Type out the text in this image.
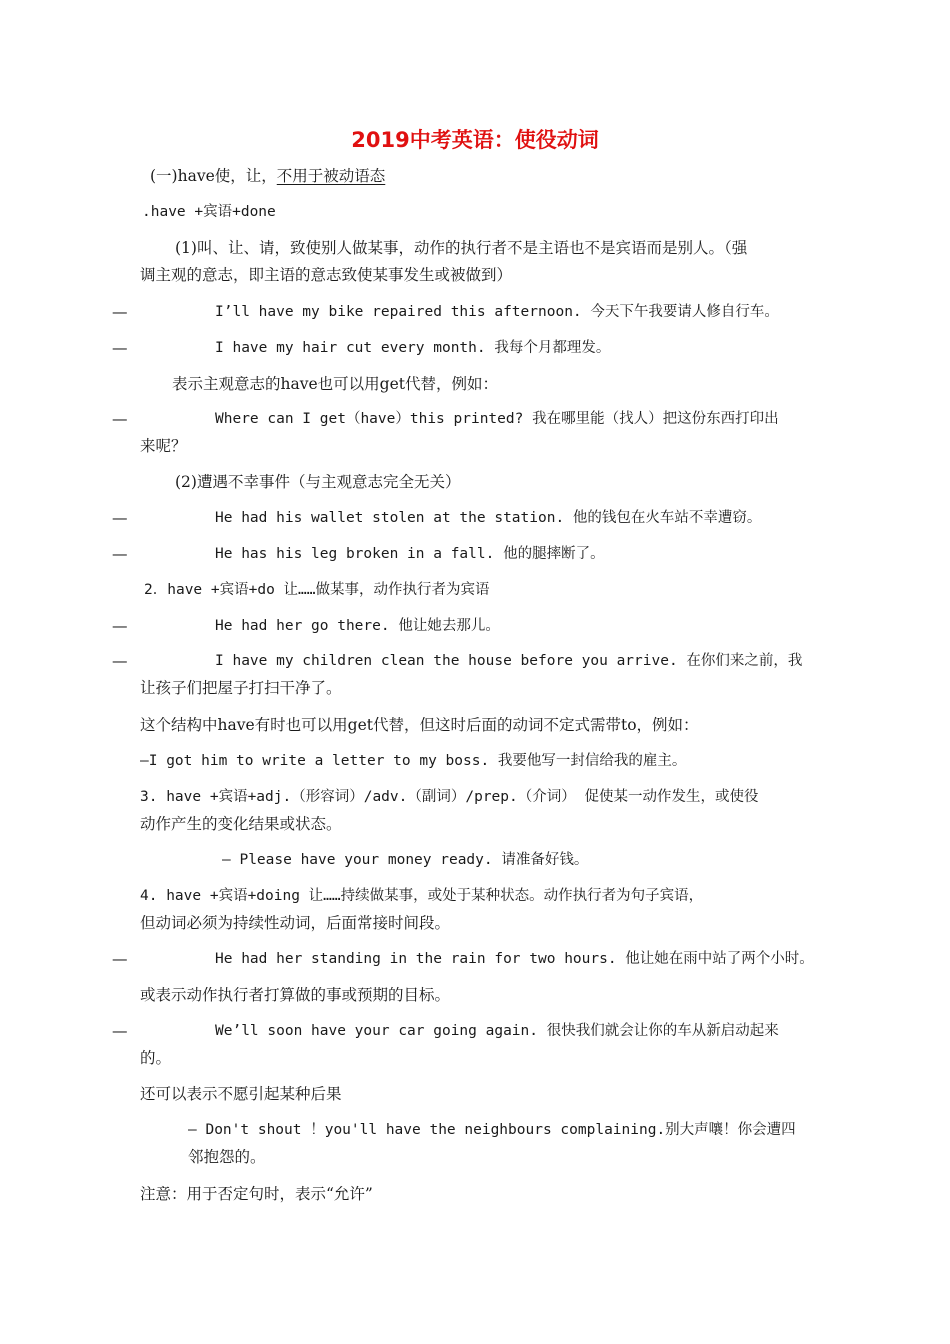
2019中考英语：使役动词
(一)have使，让，不用于被动语态
.have +宾语+done
(1)叫、让、请，致使别人做某事，动作的执行者不是主语也不是宾语而是别人。（强
调主观的意志，即主语的意志致使某事发生或被做到）
—	I’ll have my bike repaired this afternoon. 今天下午我要请人修自行车。
—	I have my hair cut every month. 我每个月都理发。
表示主观意志的have也可以用get代替，例如：
—	Where can I get（have）this printed? 我在哪里能（找人）把这份东西打印出
来呢？
(2)遭遇不幸事件（与主观意志完全无关）
—	He had his wallet stolen at the station. 他的钱包在火车站不幸遭窃。
—	He has his leg broken in a fall. 他的腿摔断了。
2．have +宾语+do 让……做某事，动作执行者为宾语
—	He had her go there. 他让她去那儿。
—	I have my children clean the house before you arrive. 在你们来之前，我
让孩子们把屋子打扫干净了。
这个结构中have有时也可以用get代替，但这时后面的动词不定式需带to，例如：
—I got him to write a letter to my boss. 我要他写一封信给我的雇主。
3. have +宾语+adj.（形容词）/adv.（副词）/prep.（介词） 促使某一动作发生，或使役
动作产生的变化结果或状态。
— Please have your money ready. 请准备好钱。
4. have +宾语+doing 让……持续做某事，或处于某种状态。动作执行者为句子宾语，
但动词必须为持续性动词，后面常接时间段。
—	He had her standing in the rain for two hours. 他让她在雨中站了两个小时。
或表示动作执行者打算做的事或预期的目标。
—	We’ll soon have your car going again. 很快我们就会让你的车从新启动起来
的。
还可以表示不愿引起某种后果
— Don't shout ！you'll have the neighbours complaining.别大声嚷！你会遭四
邻抱怨的。
注意：用于否定句时，表示“允许”
